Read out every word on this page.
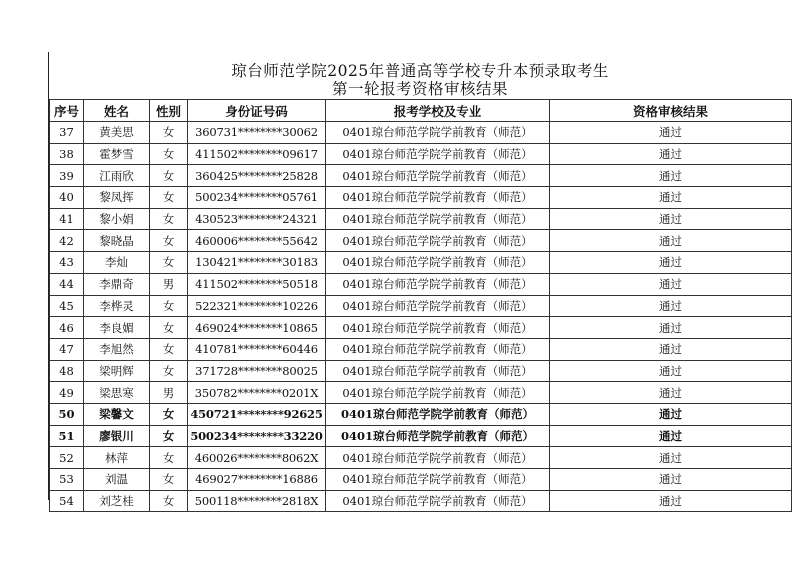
琼台师范学院2025年普通高等学校专升本预录取考生
第一轮报考资格审核结果
序号	姓名	性别	身份证号码	报考学校及专业	资格审核结果
37	黄美思	女	360731********30062	0401琼台师范学院学前教育（师范）	通过
38	霍梦雪	女	411502********09617	0401琼台师范学院学前教育（师范）	通过
39	江雨欣	女	360425********25828	0401琼台师范学院学前教育（师范）	通过
40	黎凤挥	女	500234********05761	0401琼台师范学院学前教育（师范）	通过
41	黎小娟	女	430523********24321	0401琼台师范学院学前教育（师范）	通过
42	黎晓晶	女	460006********55642	0401琼台师范学院学前教育（师范）	通过
43	李灿	女	130421********30183	0401琼台师范学院学前教育（师范）	通过
44	李鼎奇	男	411502********50518	0401琼台师范学院学前教育（师范）	通过
45	李桦灵	女	522321********10226	0401琼台师范学院学前教育（师范）	通过
46	李良媚	女	469024********10865	0401琼台师范学院学前教育（师范）	通过
47	李旭然	女	410781********60446	0401琼台师范学院学前教育（师范）	通过
48	梁明辉	女	371728********80025	0401琼台师范学院学前教育（师范）	通过
49	梁思寒	男	350782********0201X	0401琼台师范学院学前教育（师范）	通过
50	梁馨文	女	450721********92625	0401琼台师范学院学前教育（师范）	通过
51	廖银川	女	500234********33220	0401琼台师范学院学前教育（师范）	通过
52	林萍	女	460026********8062X	0401琼台师范学院学前教育（师范）	通过
53	刘温	女	469027********16886	0401琼台师范学院学前教育（师范）	通过
54	刘芝桂	女	500118********2818X	0401琼台师范学院学前教育（师范）	通过
